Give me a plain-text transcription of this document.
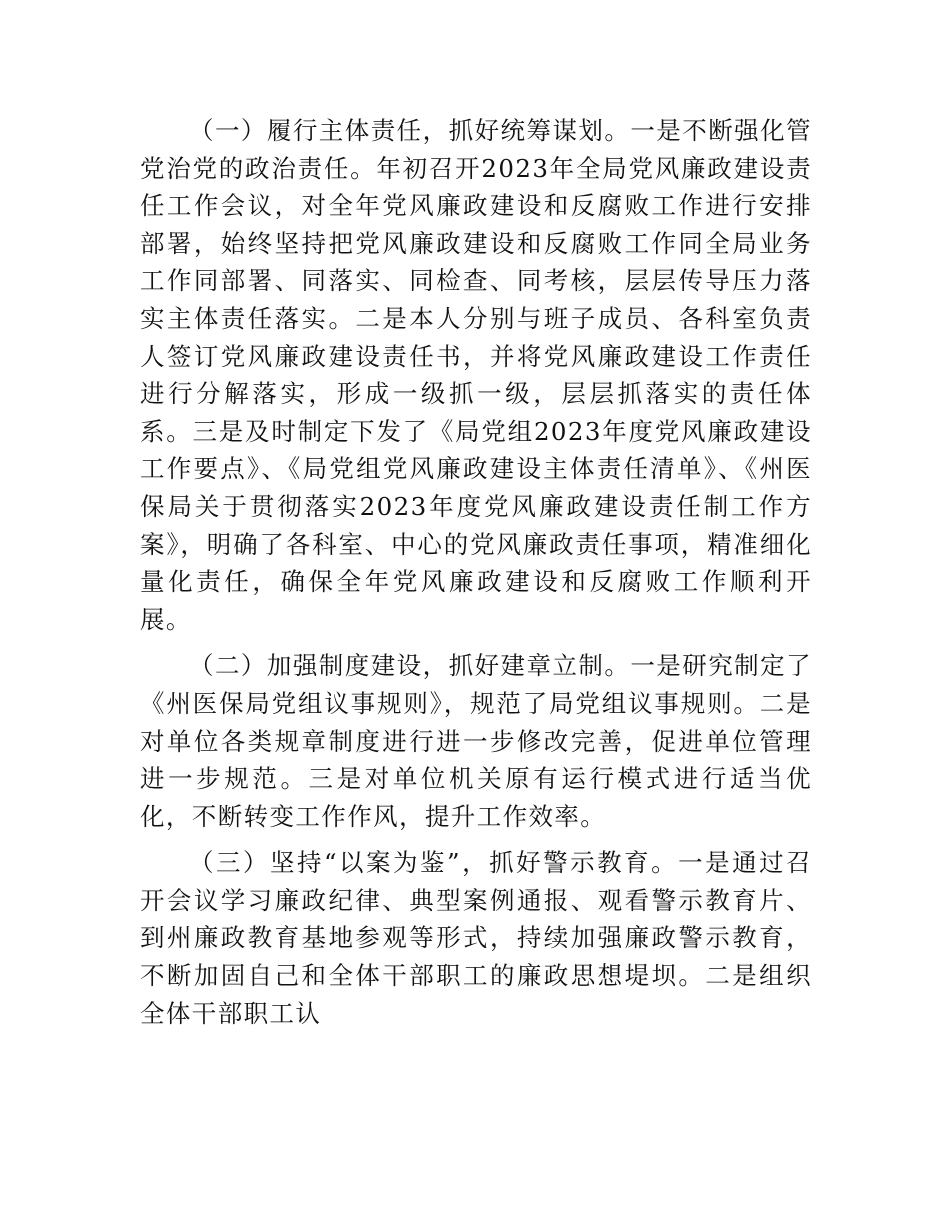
（一）履行主体责任，抓好统筹谋划。一是不断强化管党治党的政治责任。年初召开2023年全局党风廉政建设责任工作会议，对全年党风廉政建设和反腐败工作进行安排部署，始终坚持把党风廉政建设和反腐败工作同全局业务工作同部署、同落实、同检查、同考核，层层传导压力落实主体责任落实。二是本人分别与班子成员、各科室负责人签订党风廉政建设责任书，并将党风廉政建设工作责任进行分解落实，形成一级抓一级，层层抓落实的责任体系。三是及时制定下发了《局党组2023年度党风廉政建设工作要点》、《局党组党风廉政建设主体责任清单》、《州医保局关于贯彻落实2023年度党风廉政建设责任制工作方案》，明确了各科室、中心的党风廉政责任事项，精准细化量化责任，确保全年党风廉政建设和反腐败工作顺利开展。

（二）加强制度建设，抓好建章立制。一是研究制定了《州医保局党组议事规则》，规范了局党组议事规则。二是对单位各类规章制度进行进一步修改完善，促进单位管理进一步规范。三是对单位机关原有运行模式进行适当优化，不断转变工作作风，提升工作效率。

（三）坚持“以案为鉴”，抓好警示教育。一是通过召开会议学习廉政纪律、典型案例通报、观看警示教育片、到州廉政教育基地参观等形式，持续加强廉政警示教育，不断加固自己和全体干部职工的廉政思想堤坝。二是组织全体干部职工认
